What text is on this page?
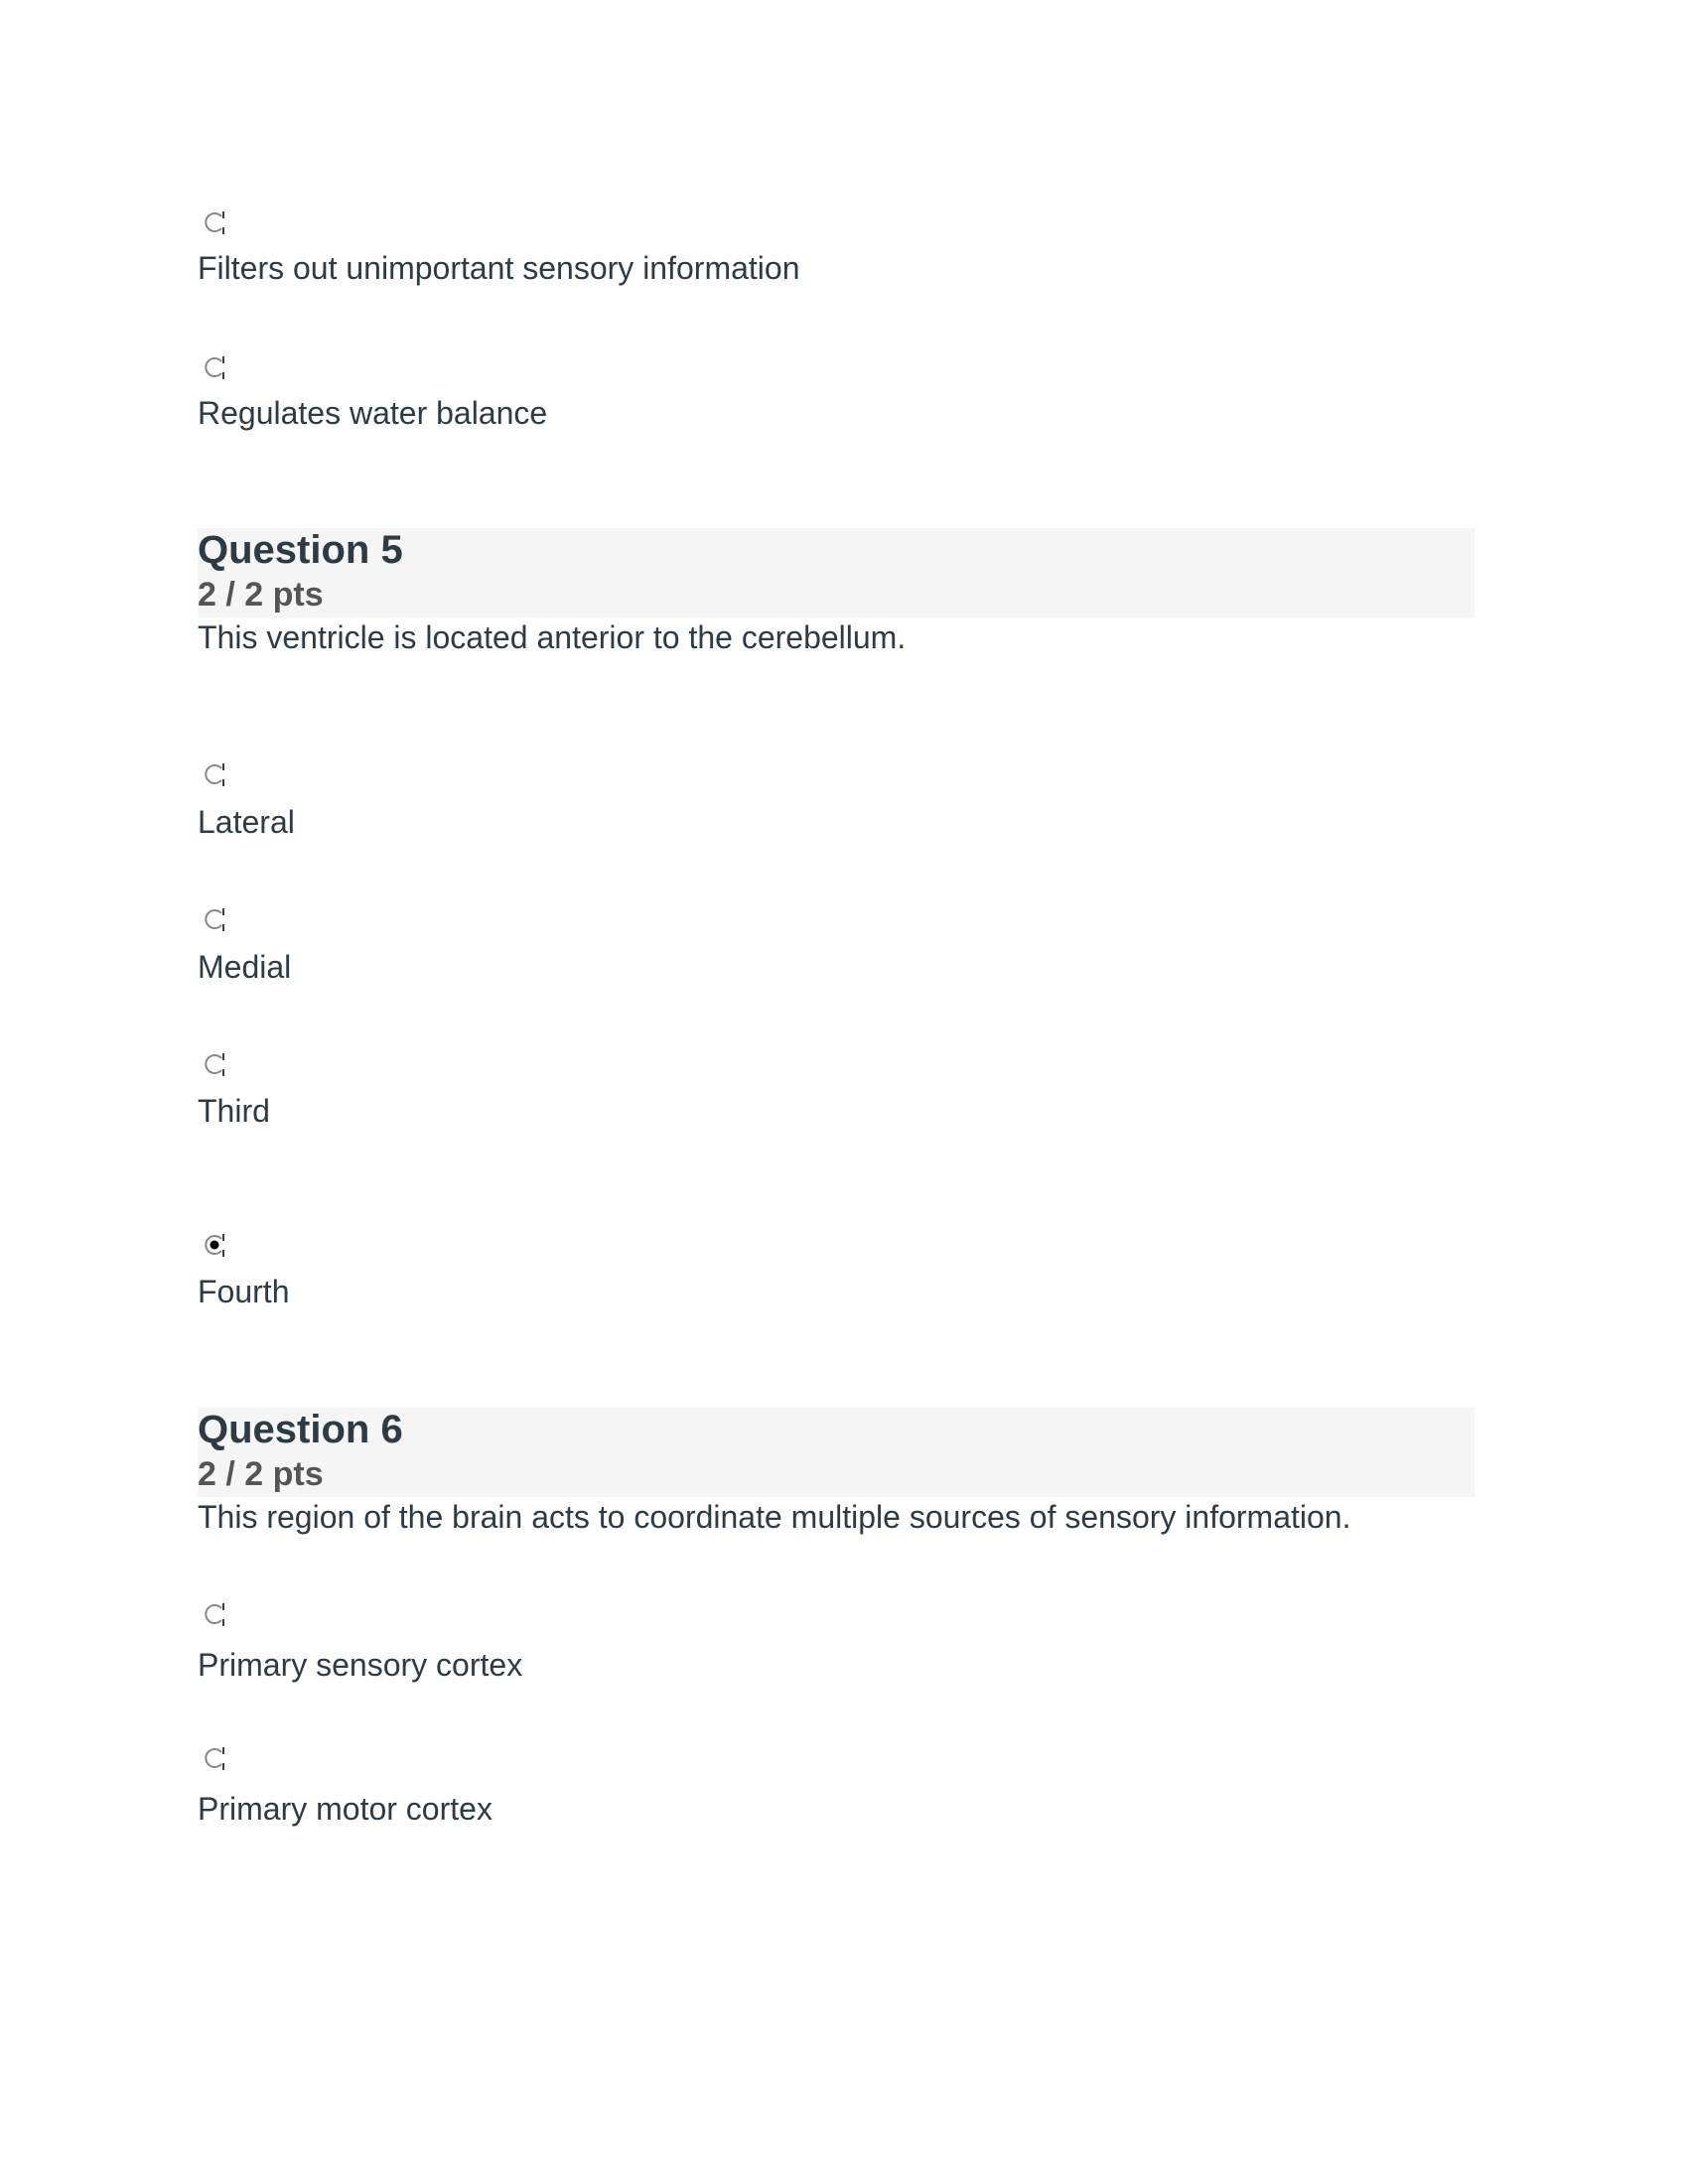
Filters out unimportant sensory information
Regulates water balance
Question 5
2 / 2 pts
This ventricle is located anterior to the cerebellum.
Lateral
Medial
Third
Fourth
Question 6
2 / 2 pts
This region of the brain acts to coordinate multiple sources of sensory information.
Primary sensory cortex
Primary motor cortex
